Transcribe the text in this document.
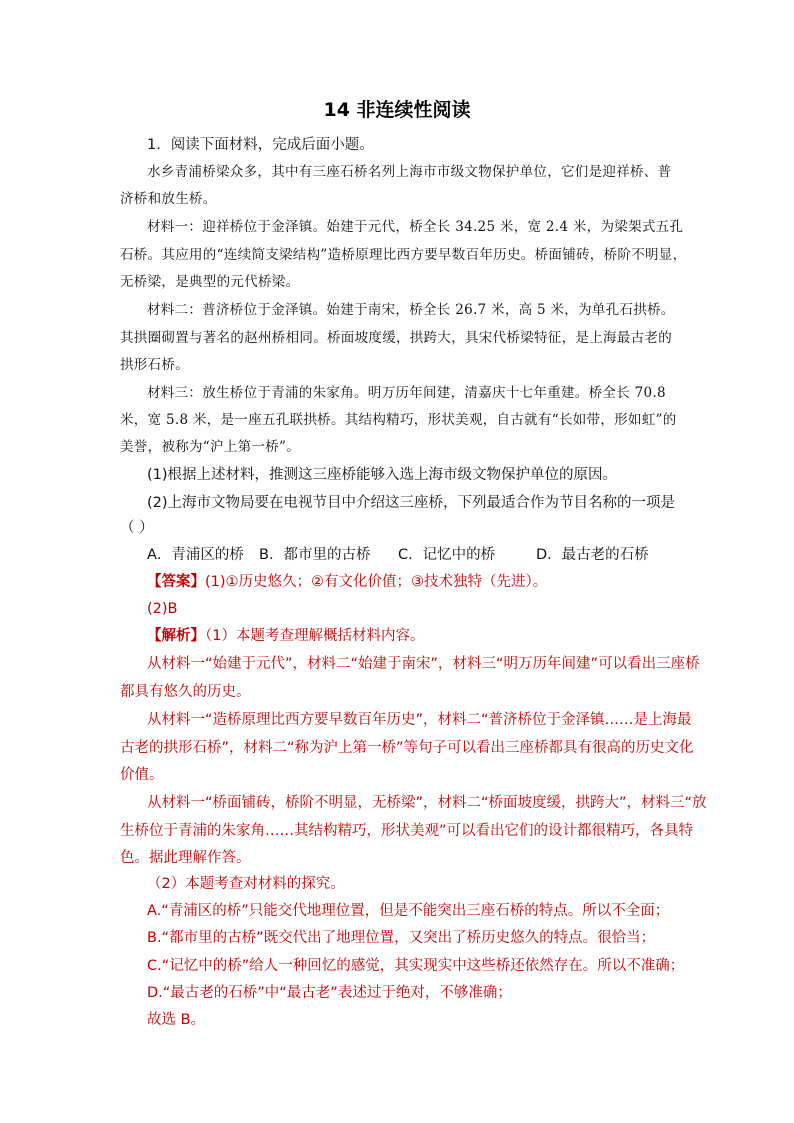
14 非连续性阅读
1．阅读下面材料，完成后面小题。
水乡青浦桥梁众多，其中有三座石桥名列上海市市级文物保护单位，它们是迎祥桥、普
济桥和放生桥。
材料一：迎祥桥位于金泽镇。始建于元代，桥全长 34.25 米，宽 2.4 米，为梁架式五孔
石桥。其应用的“连续简支梁结构”造桥原理比西方要早数百年历史。桥面铺砖，桥阶不明显，
无桥梁，是典型的元代桥梁。
材料二：普济桥位于金泽镇。始建于南宋，桥全长 26.7 米，高 5 米，为单孔石拱桥。
其拱圈砌置与著名的赵州桥相同。桥面坡度缓，拱跨大，具宋代桥梁特征，是上海最古老的
拱形石桥。
材料三：放生桥位于青浦的朱家角。明万历年间建，清嘉庆十七年重建。桥全长 70.8
米，宽 5.8 米，是一座五孔联拱桥。其结构精巧，形状美观，自古就有“长如带，形如虹”的
美誉，被称为“沪上第一桥”。
(1)根据上述材料，推测这三座桥能够入选上海市级文物保护单位的原因。
(2)上海市文物局要在电视节目中介绍这三座桥，下列最适合作为节目名称的一项是
（ ）
A．青浦区的桥 B．都市里的古桥 C．记忆中的桥	D．最古老的石桥
【答案】(1)①历史悠久；②有文化价值；③技术独特（先进）。
(2)B
【解析】（1）本题考查理解概括材料内容。
从材料一“始建于元代”，材料二“始建于南宋”，材料三“明万历年间建”可以看出三座桥
都具有悠久的历史。
从材料一“造桥原理比西方要早数百年历史”，材料二“普济桥位于金泽镇……是上海最
古老的拱形石桥”，材料二“称为沪上第一桥”等句子可以看出三座桥都具有很高的历史文化
价值。
从材料一“桥面铺砖，桥阶不明显，无桥梁”，材料二“桥面坡度缓，拱跨大”，材料三“放
生桥位于青浦的朱家角……其结构精巧，形状美观”可以看出它们的设计都很精巧，各具特
色。据此理解作答。
（2）本题考查对材料的探究。
A.“青浦区的桥”只能交代地理位置，但是不能突出三座石桥的特点。所以不全面；
B.“都市里的古桥”既交代出了地理位置，又突出了桥历史悠久的特点。很恰当；
C.“记忆中的桥”给人一种回忆的感觉，其实现实中这些桥还依然存在。所以不准确；
D.“最古老的石桥”中“最古老”表述过于绝对，不够准确；
故选 B。
